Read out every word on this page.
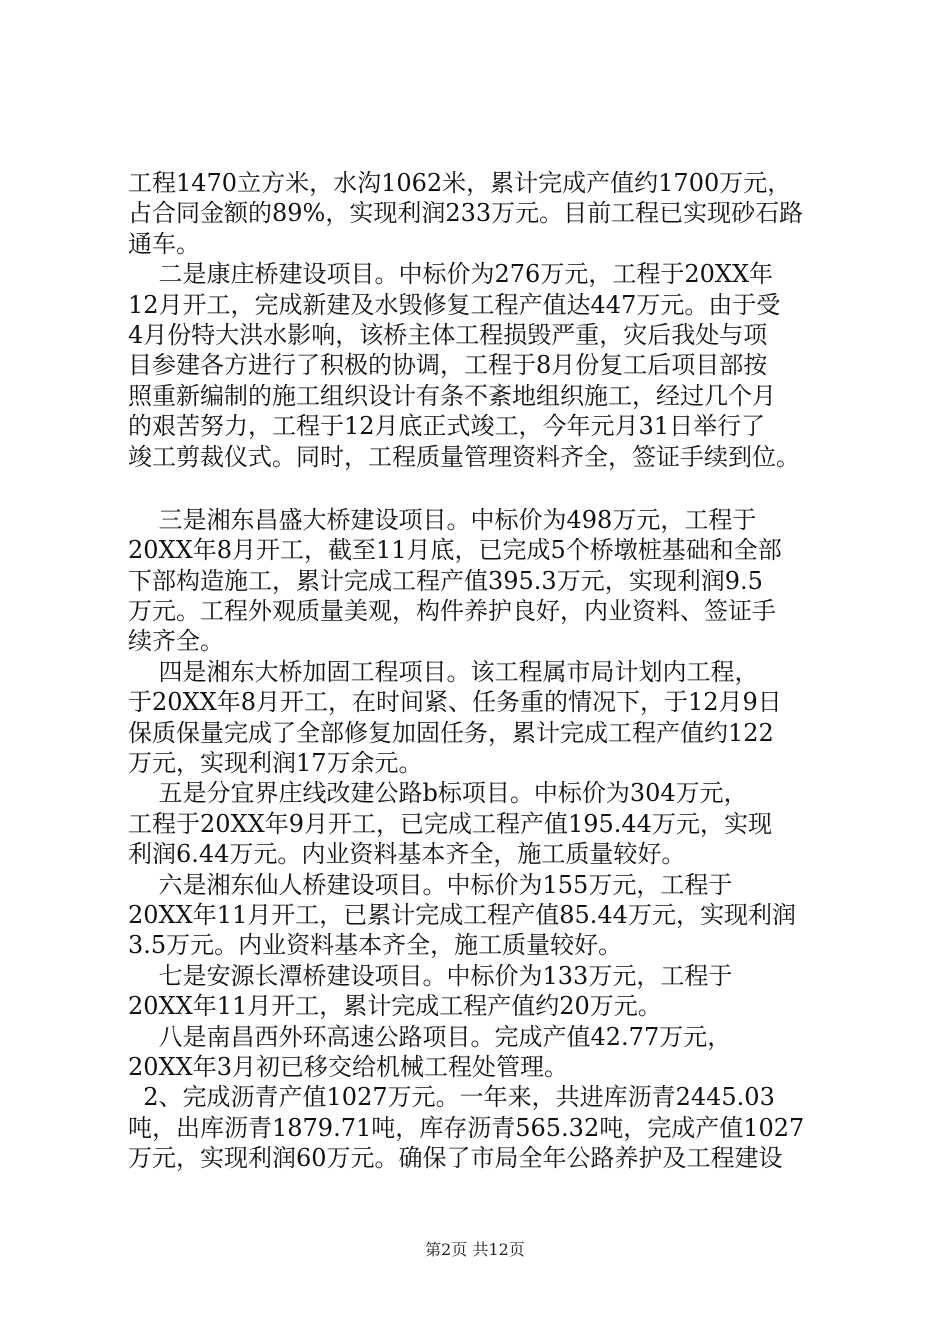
工程1470立方米，水沟1062米，累计完成产值约1700万元，
占合同金额的89%，实现利润233万元。目前工程已实现砂石路
通车。
二是康庄桥建设项目。中标价为276万元，工程于20XX年
12月开工，完成新建及水毁修复工程产值达447万元。由于受
4月份特大洪水影响，该桥主体工程损毁严重，灾后我处与项
目参建各方进行了积极的协调，工程于8月份复工后项目部按
照重新编制的施工组织设计有条不紊地组织施工，经过几个月
的艰苦努力，工程于12月底正式竣工，今年元月31日举行了
竣工剪裁仪式。同时，工程质量管理资料齐全，签证手续到位。
三是湘东昌盛大桥建设项目。中标价为498万元，工程于
20XX年8月开工，截至11月底，已完成5个桥墩桩基础和全部
下部构造施工，累计完成工程产值395.3万元，实现利润9.5
万元。工程外观质量美观，构件养护良好，内业资料、签证手
续齐全。
四是湘东大桥加固工程项目。该工程属市局计划内工程，
于20XX年8月开工，在时间紧、任务重的情况下，于12月9日
保质保量完成了全部修复加固任务，累计完成工程产值约122
万元，实现利润17万余元。
五是分宜界庄线改建公路b标项目。中标价为304万元，
工程于20XX年9月开工，已完成工程产值195.44万元，实现
利润6.44万元。内业资料基本齐全，施工质量较好。
六是湘东仙人桥建设项目。中标价为155万元，工程于
20XX年11月开工，已累计完成工程产值85.44万元，实现利润
3.5万元。内业资料基本齐全，施工质量较好。
七是安源长潭桥建设项目。中标价为133万元，工程于
20XX年11月开工，累计完成工程产值约20万元。
八是南昌西外环高速公路项目。完成产值42.77万元，
20XX年3月初已移交给机械工程处管理。
2、完成沥青产值1027万元。一年来，共进库沥青2445.03
吨，出库沥青1879.71吨，库存沥青565.32吨，完成产值1027
万元，实现利润60万元。确保了市局全年公路养护及工程建设
第2页 共12页
